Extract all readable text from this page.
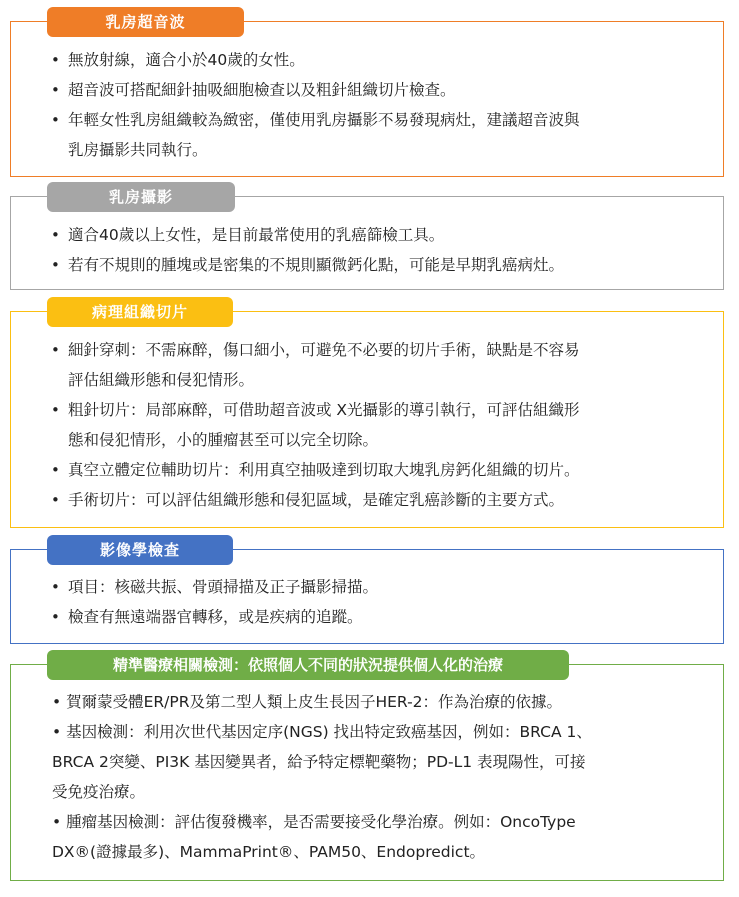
乳房超音波
• 無放射線，適合小於40歲的女性。
• 超音波可搭配細針抽吸細胞檢查以及粗針組織切片檢查。
• 年輕女性乳房組織較為緻密，僅使用乳房攝影不易發現病灶，建議超音波與
乳房攝影共同執行。
乳房攝影
• 適合40歲以上女性，是目前最常使用的乳癌篩檢工具。
• 若有不規則的腫塊或是密集的不規則顯微鈣化點，可能是早期乳癌病灶。
病理組織切片
• 細針穿刺：不需麻醉，傷口細小，可避免不必要的切片手術，缺點是不容易
評估組織形態和侵犯情形。
• 粗針切片：局部麻醉，可借助超音波或 X光攝影的導引執行，可評估組織形
態和侵犯情形，小的腫瘤甚至可以完全切除。
• 真空立體定位輔助切片：利用真空抽吸達到切取大塊乳房鈣化組織的切片。
• 手術切片：可以評估組織形態和侵犯區域，是確定乳癌診斷的主要方式。
影像學檢查
• 項目：核磁共振、骨頭掃描及正子攝影掃描。
• 檢查有無遠端器官轉移，或是疾病的追蹤。
精準醫療相關檢測：依照個人不同的狀況提供個人化的治療
• 賀爾蒙受體ER/PR及第二型人類上皮生長因子HER-2：作為治療的依據。
• 基因檢測：利用次世代基因定序(NGS) 找出特定致癌基因，例如：BRCA 1、
BRCA 2突變、PI3K 基因變異者，給予特定標靶藥物；PD-L1 表現陽性，可接
受免疫治療。
• 腫瘤基因檢測：評估復發機率，是否需要接受化學治療。例如：OncoType
DX®(證據最多)、MammaPrint®、PAM50、Endopredict。
